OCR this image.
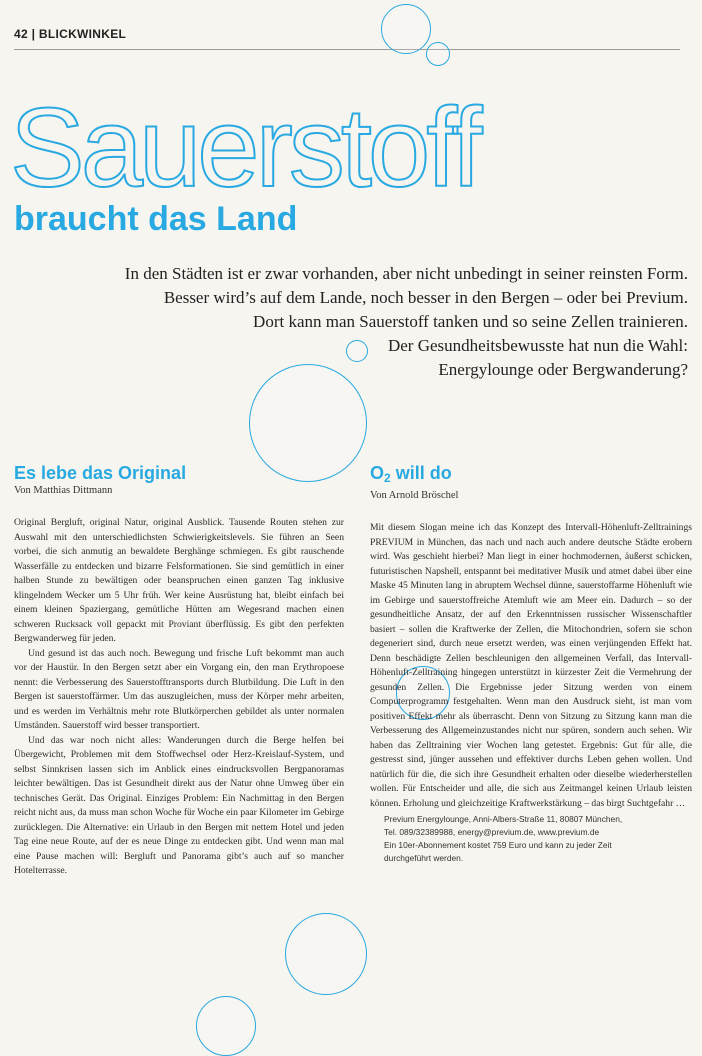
42 | BLICKWINKEL
Sauerstoff
braucht das Land
In den Städten ist er zwar vorhanden, aber nicht unbedingt in seiner reinsten Form.
Besser wird’s auf dem Lande, noch besser in den Bergen – oder bei Previum.
Dort kann man Sauerstoff tanken und so seine Zellen trainieren.
Der Gesundheitsbewusste hat nun die Wahl:
Energylounge oder Bergwanderung?
Es lebe das Original
Von Matthias Dittmann

Original Bergluft, original Natur, original Ausblick. Tausende Routen stehen zur Auswahl mit den unterschiedlichsten Schwierigkeitslevels. Sie führen an Seen vorbei, die sich anmutig an bewaldete Berghänge schmiegen. Es gibt rauschende Wasserfälle zu entdecken und bizarre Felsformationen. Sie sind gemütlich in einer halben Stunde zu bewältigen oder beanspruchen einen ganzen Tag inklusive klingelndem Wecker um 5 Uhr früh. Wer keine Ausrüstung hat, bleibt einfach bei einem kleinen Spaziergang, gemütliche Hütten am Wegesrand machen einen schweren Rucksack voll gepackt mit Proviant überflüssig. Es gibt den perfekten Bergwanderweg für jeden.

Und gesund ist das auch noch. Bewegung und frische Luft bekommt man auch vor der Haustür. In den Bergen setzt aber ein Vorgang ein, den man Erythropoese nennt: die Verbesserung des Sauerstofftransports durch Blutbildung. Die Luft in den Bergen ist sauerstoffärmer. Um das auszugleichen, muss der Körper mehr arbeiten, und es werden im Verhältnis mehr rote Blutkörperchen gebildet als unter normalen Umständen. Sauerstoff wird besser transportiert.

Und das war noch nicht alles: Wanderungen durch die Berge helfen bei Übergewicht, Problemen mit dem Stoffwechsel oder Herz-Kreislauf-System, und selbst Sinnkrisen lassen sich im Anblick eines eindrucksvollen Bergpanoramas leichter bewältigen. Das ist Gesundheit direkt aus der Natur ohne Umweg über ein technisches Gerät. Das Original. Einziges Problem: Ein Nachmittag in den Bergen reicht nicht aus, da muss man schon Woche für Woche ein paar Kilometer im Gebirge zurücklegen. Die Alternative: ein Urlaub in den Bergen mit nettem Hotel und jeden Tag eine neue Route, auf der es neue Dinge zu entdecken gibt. Und wenn man mal eine Pause machen will: Bergluft und Panorama gibt’s auch auf so mancher Hotelterrasse.

O2 will do
Von Arnold Bröschel

Mit diesem Slogan meine ich das Konzept des Intervall-Höhenluft-Zelltrainings PREVIUM in München, das nach und nach auch andere deutsche Städte erobern wird. Was geschieht hierbei? Man liegt in einer hochmodernen, äußerst schicken, futuristischen Napshell, entspannt bei meditativer Musik und atmet dabei über eine Maske 45 Minuten lang in abruptem Wechsel dünne, sauerstoffarme Höhenluft wie im Gebirge und sauerstoffreiche Atemluft wie am Meer ein. Dadurch – so der gesundheitliche Ansatz, der auf den Erkenntnissen russischer Wissenschaftler basiert – sollen die Kraftwerke der Zellen, die Mitochondrien, sofern sie schon degeneriert sind, durch neue ersetzt werden, was einen verjüngenden Effekt hat. Denn beschädigte Zellen beschleunigen den allgemeinen Verfall, das Intervall-Höhenluft-Zelltraining hingegen unterstützt in kürzester Zeit die Vermehrung der gesunden Zellen. Die Ergebnisse jeder Sitzung werden von einem Computerprogramm festgehalten. Wenn man den Ausdruck sieht, ist man vom positiven Effekt mehr als überrascht. Denn von Sitzung zu Sitzung kann man die Verbesserung des Allgemeinzustandes nicht nur spüren, sondern auch sehen. Wir haben das Zelltraining vier Wochen lang getestet. Ergebnis: Gut für alle, die gestresst sind, jünger aussehen und effektiver durchs Leben gehen wollen. Und natürlich für die, die sich ihre Gesundheit erhalten oder dieselbe wiederherstellen wollen. Für Entscheider und alle, die sich aus Zeitmangel keinen Urlaub leisten können. Erholung und gleichzeitige Kraftwerkstärkung – das birgt Suchtgefahr …

Previum Energylounge, Anni-Albers-Straße 11, 80807 München,
Tel. 089/32389988, energy@previum.de, www.previum.de
Ein 10er-Abonnement kostet 759 Euro und kann zu jeder Zeit
durchgeführt werden.
